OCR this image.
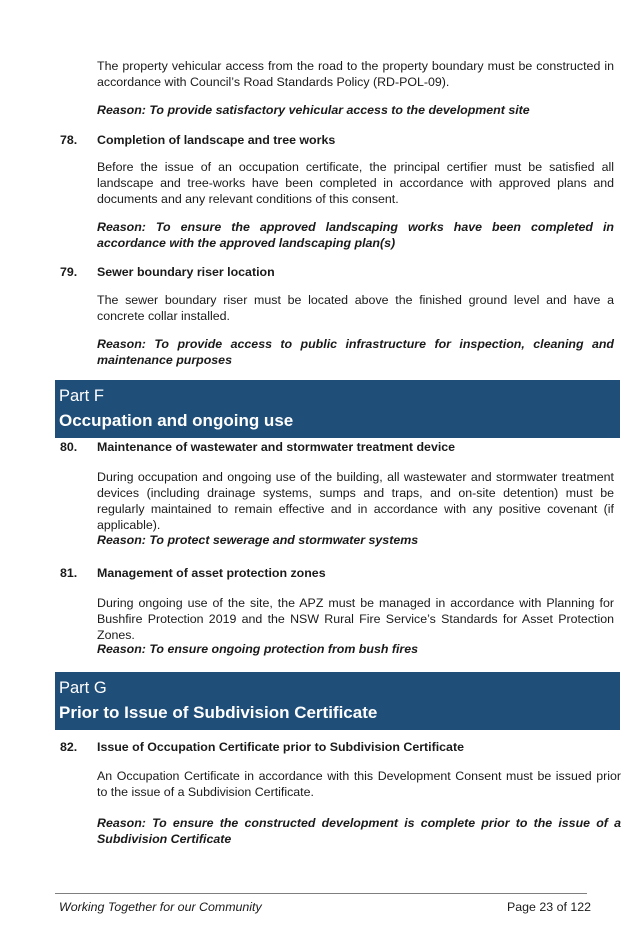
The property vehicular access from the road to the property boundary must be constructed in accordance with Council’s Road Standards Policy (RD-POL-09).
Reason: To provide satisfactory vehicular access to the development site
78. Completion of landscape and tree works
Before the issue of an occupation certificate, the principal certifier must be satisfied all landscape and tree-works have been completed in accordance with approved plans and documents and any relevant conditions of this consent.
Reason: To ensure the approved landscaping works have been completed in accordance with the approved landscaping plan(s)
79. Sewer boundary riser location
The sewer boundary riser must be located above the finished ground level and have a concrete collar installed.
Reason: To provide access to public infrastructure for inspection, cleaning and maintenance purposes
Part F
Occupation and ongoing use
80. Maintenance of wastewater and stormwater treatment device
During occupation and ongoing use of the building, all wastewater and stormwater treatment devices (including drainage systems, sumps and traps, and on-site detention) must be regularly maintained to remain effective and in accordance with any positive covenant (if applicable).
Reason: To protect sewerage and stormwater systems
81. Management of asset protection zones
During ongoing use of the site, the APZ must be managed in accordance with Planning for Bushfire Protection 2019 and the NSW Rural Fire Service’s Standards for Asset Protection Zones.
Reason: To ensure ongoing protection from bush fires
Part G
Prior to Issue of Subdivision Certificate
82. Issue of Occupation Certificate prior to Subdivision Certificate
An Occupation Certificate in accordance with this Development Consent must be issued prior to the issue of a Subdivision Certificate.
Reason: To ensure the constructed development is complete prior to the issue of a Subdivision Certificate
Working Together for our Community	Page 23 of 122
